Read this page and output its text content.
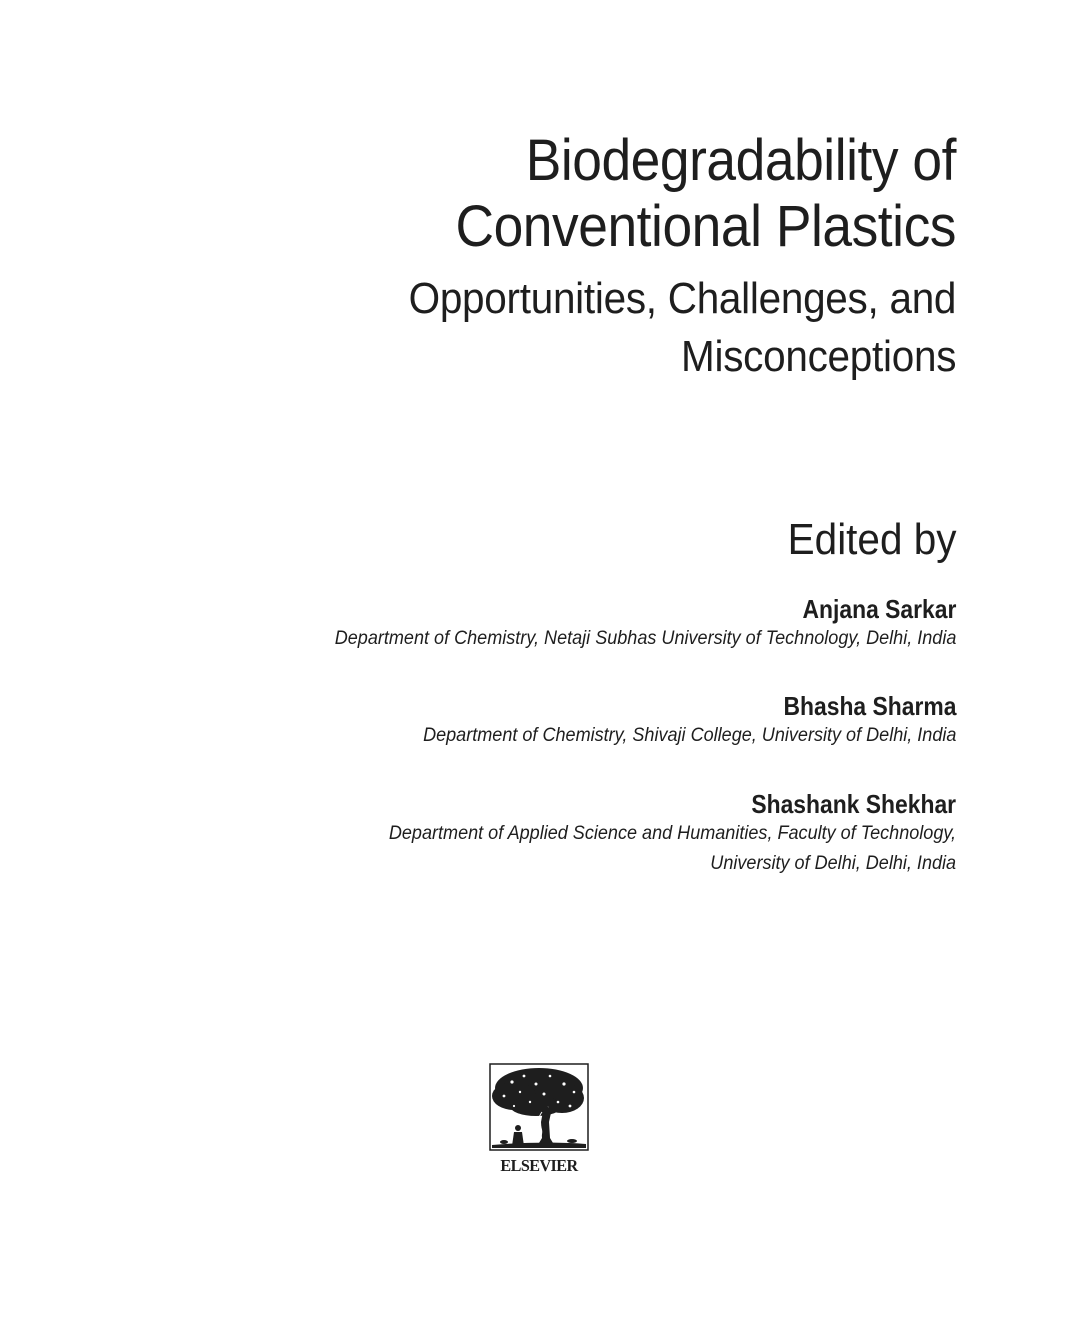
Biodegradability of
Conventional Plastics
Opportunities, Challenges, and
Misconceptions
Edited by
Anjana Sarkar
Department of Chemistry, Netaji Subhas University of Technology, Delhi, India
Bhasha Sharma
Department of Chemistry, Shivaji College, University of Delhi, India
Shashank Shekhar
Department of Applied Science and Humanities, Faculty of Technology,
University of Delhi, Delhi, India
ELSEVIER
